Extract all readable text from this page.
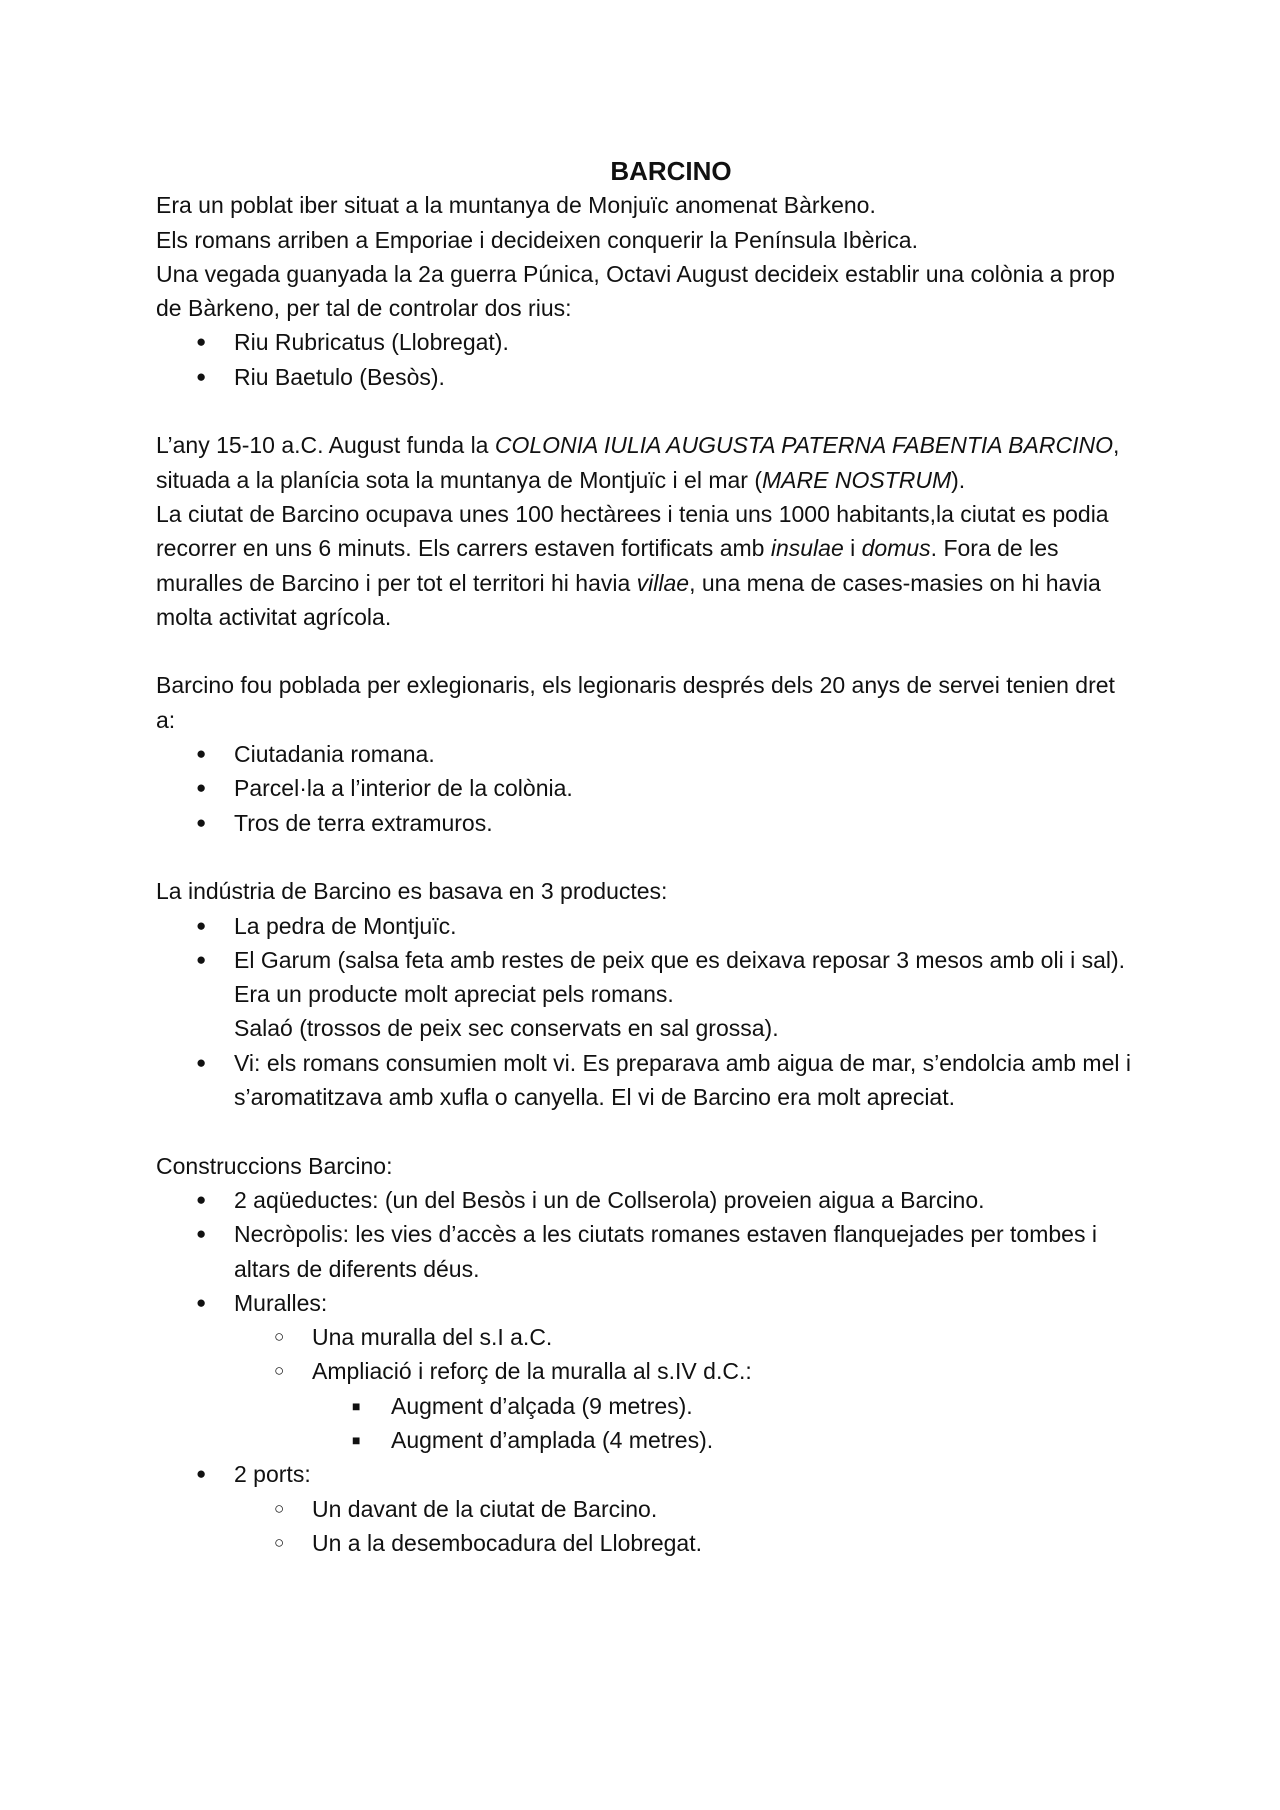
BARCINO

Era un poblat iber situat a la muntanya de Monjuïc anomenat Bàrkeno.

Els romans arriben a Emporiae i decideixen conquerir la Península Ibèrica.

Una vegada guanyada la 2a guerra Púnica, Octavi August decideix establir una colònia a prop de Bàrkeno, per tal de controlar dos rius:

●
Riu Rubricatus (Llobregat).
●
Riu Baetulo (Besòs).

L’any 15-10 a.C. August funda la COLONIA IULIA AUGUSTA PATERNA FABENTIA BARCINO, situada a la planícia sota la muntanya de Montjuïc i el mar (MARE NOSTRUM).

La ciutat de Barcino ocupava unes 100 hectàrees i tenia uns 1000 habitants,la ciutat es podia recorrer en uns 6 minuts. Els carrers estaven fortificats amb insulae i domus. Fora de les muralles de Barcino i per tot el territori hi havia villae, una mena de cases-masies on hi havia molta activitat agrícola.

Barcino fou poblada per exlegionaris, els legionaris després dels 20 anys de servei tenien dret a:

●
Ciutadania romana.
●
Parcel·la a l’interior de la colònia.
●
Tros de terra extramuros.

La indústria de Barcino es basava en 3 productes:

●
La pedra de Montjuïc.
●
El Garum (salsa feta amb restes de peix que es deixava reposar 3 mesos amb oli i sal). Era un producte molt apreciat pels romans.
Salaó (trossos de peix sec conservats en sal grossa).
●
Vi: els romans consumien molt vi. Es preparava amb aigua de mar, s’endolcia amb mel i s’aromatitzava amb xufla o canyella. El vi de Barcino era molt apreciat.

Construccions Barcino:

●
2 aqüeductes: (un del Besòs i un de Collserola) proveien aigua a Barcino.
●
Necròpolis: les vies d’accès a les ciutats romanes estaven flanquejades per tombes i altars de diferents déus.
●
Muralles:
○
Una muralla del s.I a.C.
○
Ampliació i reforç de la muralla al s.IV d.C.:
■
Augment d’alçada (9 metres).
■
Augment d’amplada (4 metres).
●
2 ports:
○
Un davant de la ciutat de Barcino.
○
Un a la desembocadura del Llobregat.
